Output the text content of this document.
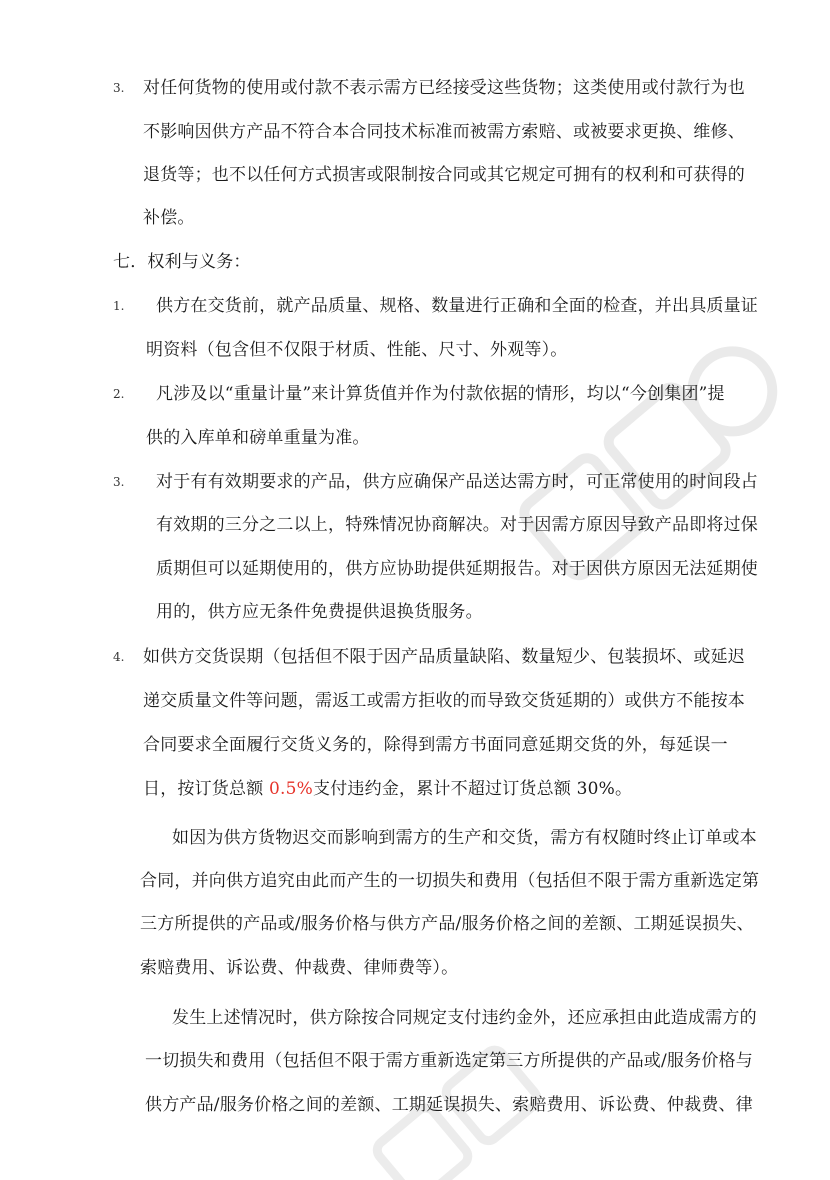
3. 对任何货物的使用或付款不表示需方已经接受这些货物；这类使用或付款行为也
不影响因供方产品不符合本合同技术标准而被需方索赔、或被要求更换、维修、
退货等；也不以任何方式损害或限制按合同或其它规定可拥有的权利和可获得的
补偿。
七．权利与义务：
1. 供方在交货前，就产品质量、规格、数量进行正确和全面的检查，并出具质量证
明资料（包含但不仅限于材质、性能、尺寸、外观等）。
2. 凡涉及以“重量计量”来计算货值并作为付款依据的情形，均以“今创集团”提
供的入库单和磅单重量为准。
3. 对于有有效期要求的产品，供方应确保产品送达需方时，可正常使用的时间段占
有效期的三分之二以上，特殊情况协商解决。对于因需方原因导致产品即将过保
质期但可以延期使用的，供方应协助提供延期报告。对于因供方原因无法延期使
用的，供方应无条件免费提供退换货服务。
4. 如供方交货误期（包括但不限于因产品质量缺陷、数量短少、包装损坏、或延迟
递交质量文件等问题，需返工或需方拒收的而导致交货延期的）或供方不能按本
合同要求全面履行交货义务的，除得到需方书面同意延期交货的外，每延误一
日，按订货总额 0.5%支付违约金，累计不超过订货总额 30%。
如因为供方货物迟交而影响到需方的生产和交货，需方有权随时终止订单或本
合同，并向供方追究由此而产生的一切损失和费用（包括但不限于需方重新选定第
三方所提供的产品或/服务价格与供方产品/服务价格之间的差额、工期延误损失、
索赔费用、诉讼费、仲裁费、律师费等）。
发生上述情况时，供方除按合同规定支付违约金外，还应承担由此造成需方的
一切损失和费用（包括但不限于需方重新选定第三方所提供的产品或/服务价格与
供方产品/服务价格之间的差额、工期延误损失、索赔费用、诉讼费、仲裁费、律
